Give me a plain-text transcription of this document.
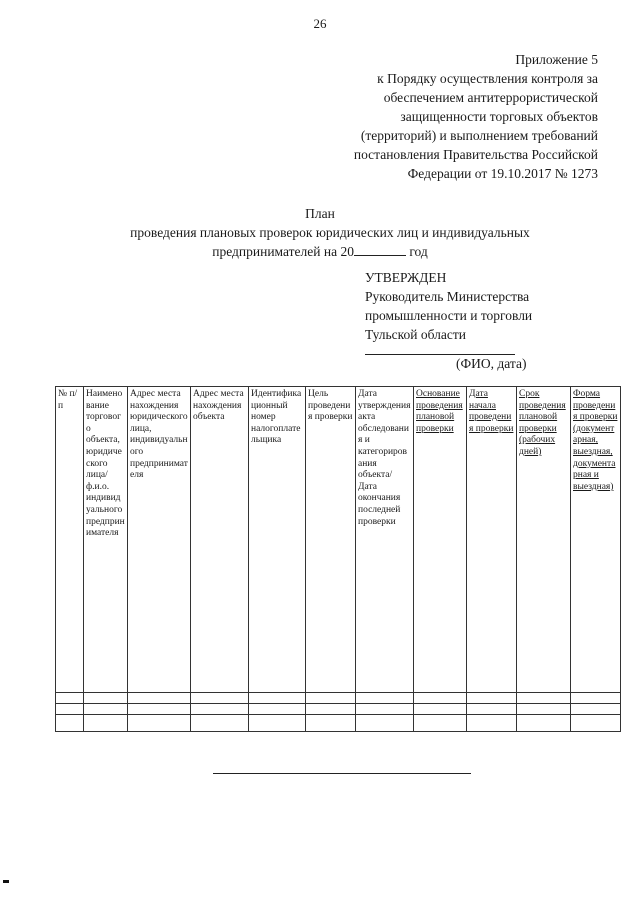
26
Приложение 5
к Порядку осуществления контроля за
обеспечением антитеррористической
защищенности торговых объектов
(территорий) и выполнением требований
постановления Правительства Российской
Федерации от 19.10.2017 № 1273
План
проведения плановых проверок юридических лиц и индивидуальных
предпринимателей на 20	год
УТВЕРЖДЕН
Руководитель Министерства
промышленности и торговли
Тульской области
(ФИО, дата)
№ п/п	Наименование торгового объекта, юридического лица/ ф.и.о. индивидуального предпринимателя	Адрес места нахождения юридического лица, индивидуального предпринимателя	Адрес места нахождения объекта	Идентификационный номер налогоплательщика	Цель проведения проверки	Дата утверждения акта обследования и категорирования объекта/ Дата окончания последней проверки	Основание проведения плановой проверки	Дата начала проведения проверки	Срок проведения плановой проверки (рабочих дней)	Форма проведения проверки (документарная, выездная, документарная и выездная)
